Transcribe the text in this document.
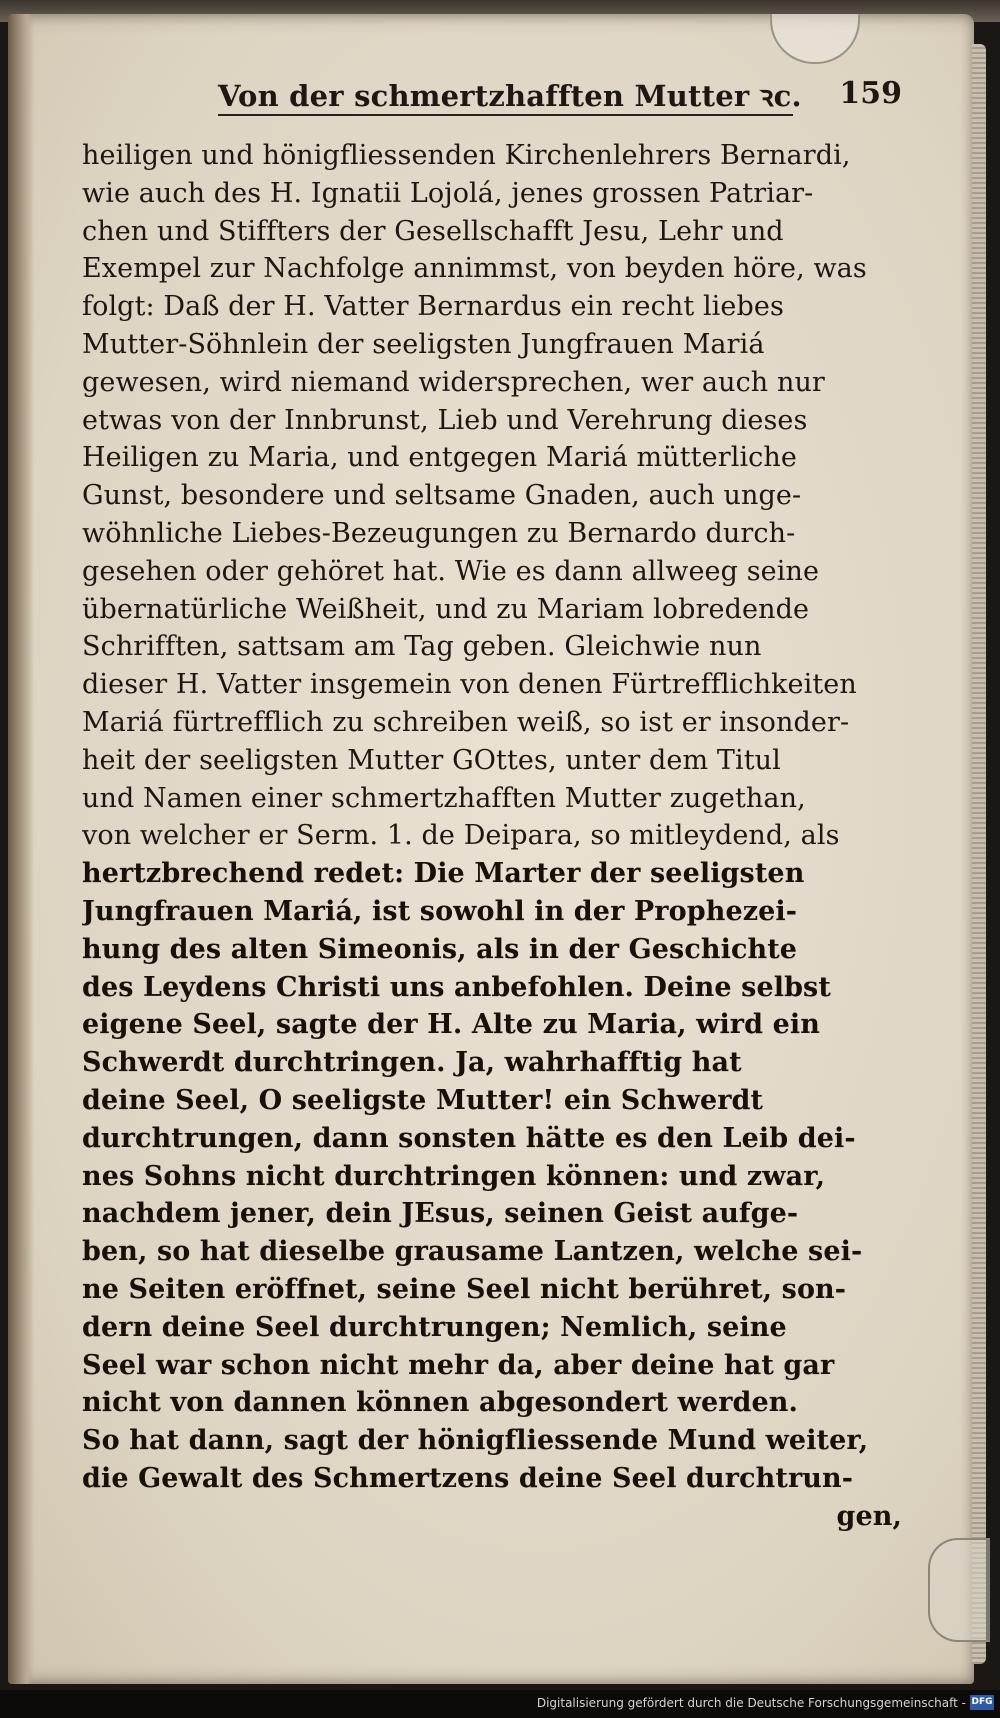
Von der schmertzhafften Mutter ꝛc. 159
heiligen und hönigfliessenden Kirchenlehrers Bernardi,
wie auch des H. Ignatii Lojolá, jenes grossen Patriar-
chen und Stiffters der Gesellschafft Jesu, Lehr und
Exempel zur Nachfolge annimmst, von beyden höre, was
folgt: Daß der H. Vatter Bernardus ein recht liebes
Mutter-Söhnlein der seeligsten Jungfrauen Mariá
gewesen, wird niemand widersprechen, wer auch nur
etwas von der Innbrunst, Lieb und Verehrung dieses
Heiligen zu Maria, und entgegen Mariá mütterliche
Gunst, besondere und seltsame Gnaden, auch unge-
wöhnliche Liebes-Bezeugungen zu Bernardo durch-
gesehen oder gehöret hat. Wie es dann allweeg seine
übernatürliche Weißheit, und zu Mariam lobredende
Schrifften, sattsam am Tag geben. Gleichwie nun
dieser H. Vatter insgemein von denen Fürtrefflichkeiten
Mariá fürtrefflich zu schreiben weiß, so ist er insonder-
heit der seeligsten Mutter GOttes, unter dem Titul
und Namen einer schmertzhafften Mutter zugethan,
von welcher er Serm. 1. de Deipara, so mitleydend, als
hertzbrechend redet: Die Marter der seeligsten
Jungfrauen Mariá, ist sowohl in der Prophezei-
hung des alten Simeonis, als in der Geschichte
des Leydens Christi uns anbefohlen. Deine selbst
eigene Seel, sagte der H. Alte zu Maria, wird ein
Schwerdt durchtringen. Ja, wahrhafftig hat
deine Seel, O seeligste Mutter! ein Schwerdt
durchtrungen, dann sonsten hätte es den Leib dei-
nes Sohns nicht durchtringen können: und zwar,
nachdem jener, dein JEsus, seinen Geist aufge-
ben, so hat dieselbe grausame Lantzen, welche sei-
ne Seiten eröffnet, seine Seel nicht berühret, son-
dern deine Seel durchtrungen; Nemlich, seine
Seel war schon nicht mehr da, aber deine hat gar
nicht von dannen können abgesondert werden.
So hat dann, sagt der hönigfliessende Mund weiter,
die Gewalt des Schmertzens deine Seel durchtrun-
gen,
Digitalisierung gefördert durch die Deutsche Forschungsgemeinschaft - DFG
